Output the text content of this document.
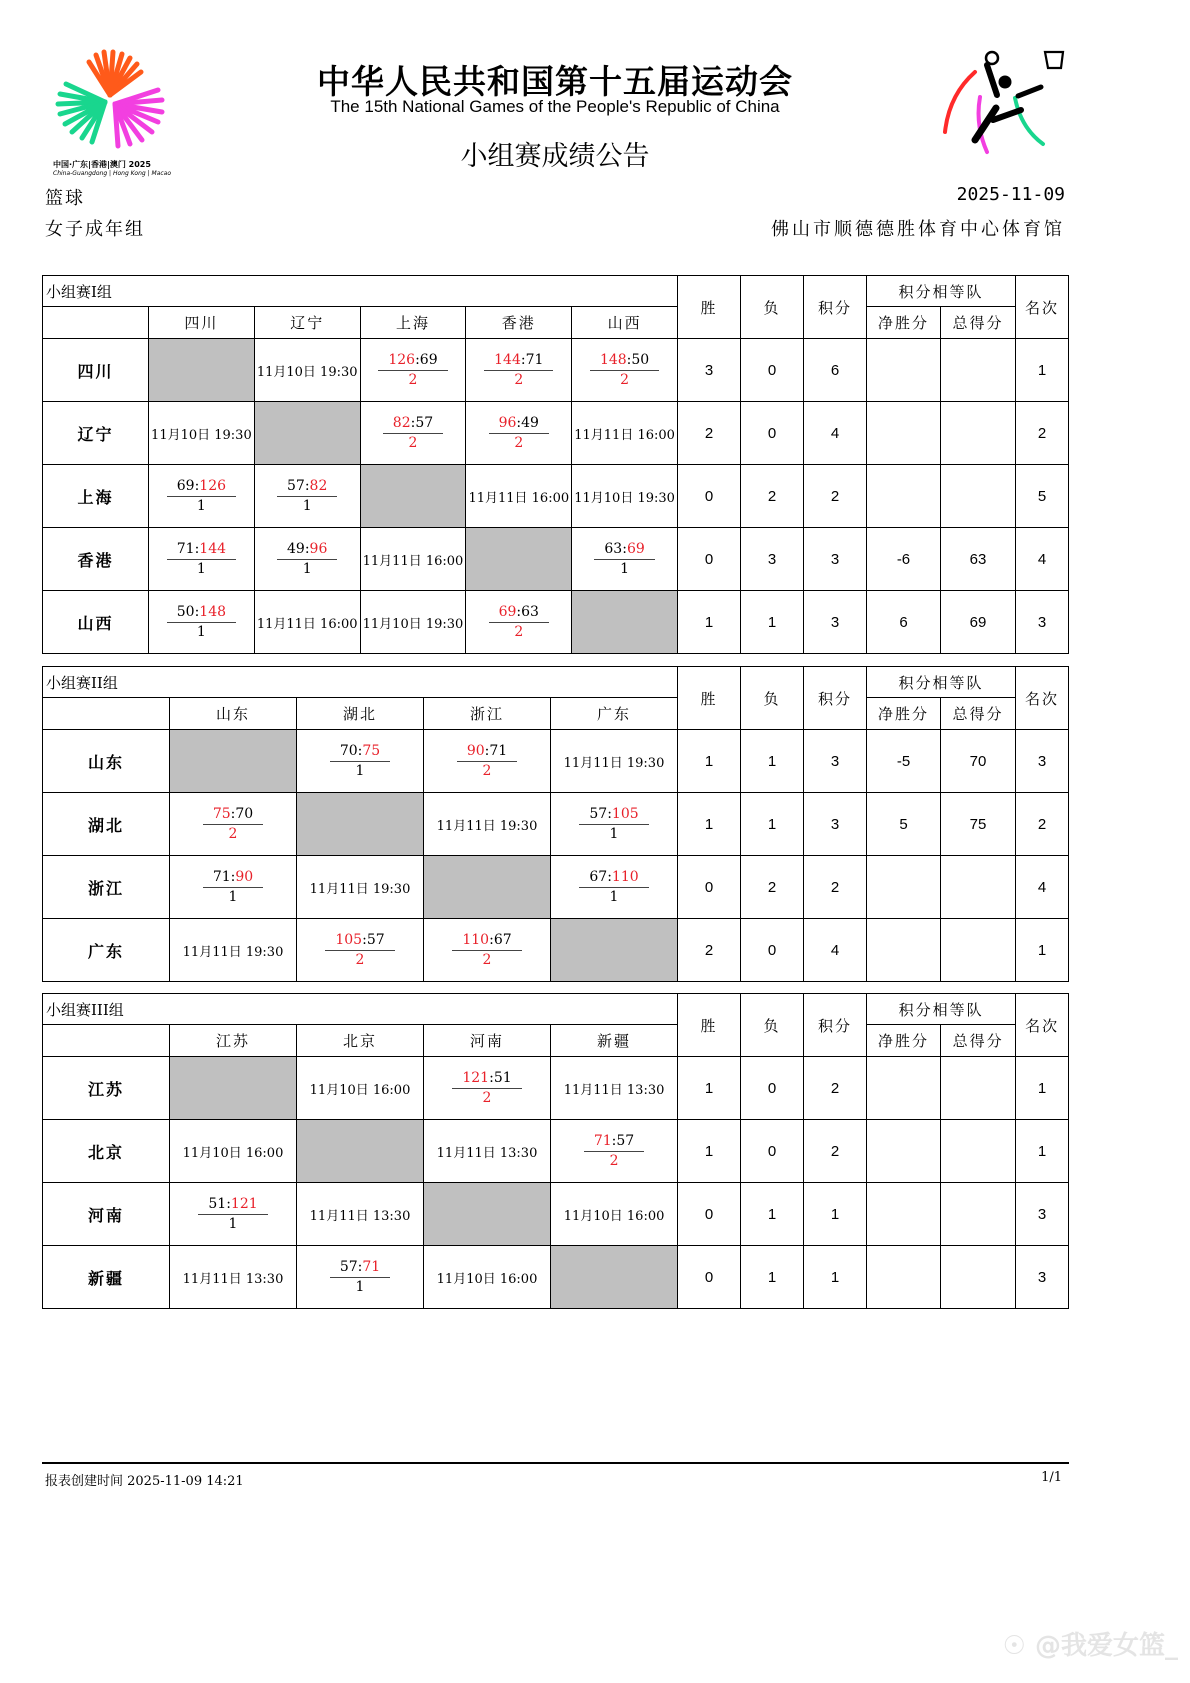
中国·广东|香港|澳门 2025
China-Guangdong | Hong Kong | Macao
中华人民共和国第十五届运动会
The 15th National Games of the People's Republic of China
小组赛成绩公告
篮球
女子成年组
2025-11-09
佛山市顺德德胜体育中心体育馆
小组赛I组						胜	负	积分	积分相等队		名次
	四川	辽宁	上海	香港	山西				净胜分	总得分	
四川		11月10日 19:30	$\frac{126:69}{2}$	$\frac{144:71}{2}$	$\frac{148:50}{2}$	3	0	6			1
辽宁	11月10日 19:30		$\frac{82:57}{2}$	$\frac{96:49}{2}$	11月11日 16:00	2	0	4			2
上海	$\frac{69:126}{1}$	$\frac{57:82}{1}$		11月11日 16:00	11月10日 19:30	0	2	2			5
香港	$\frac{71:144}{1}$	$\frac{49:96}{1}$	11月11日 16:00		$\frac{63:69}{1}$	0	3	3	-6	63	4
山西	$\frac{50:148}{1}$	11月11日 16:00	11月10日 19:30	$\frac{69:63}{2}$		1	1	3	6	69	3
小组赛II组					胜	负	积分	积分相等队		名次
	山东	湖北	浙江	广东				净胜分	总得分	
山东		$\frac{70:75}{1}$	$\frac{90:71}{2}$	11月11日 19:30	1	1	3	-5	70	3
湖北	$\frac{75:70}{2}$		11月11日 19:30	$\frac{57:105}{1}$	1	1	3	5	75	2
浙江	$\frac{71:90}{1}$	11月11日 19:30		$\frac{67:110}{1}$	0	2	2			4
广东	11月11日 19:30	$\frac{105:57}{2}$	$\frac{110:67}{2}$		2	0	4			1
小组赛III组					胜	负	积分	积分相等队		名次
	江苏	北京	河南	新疆				净胜分	总得分	
江苏		11月10日 16:00	$\frac{121:51}{2}$	11月11日 13:30	1	0	2			1
北京	11月10日 16:00		11月11日 13:30	$\frac{71:57}{2}$	1	0	2			1
河南	$\frac{51:121}{1}$	11月11日 13:30		11月10日 16:00	0	1	1			3
新疆	11月11日 13:30	$\frac{57:71}{1}$	11月10日 16:00		0	1	1			3
报表创建时间 2025-11-09 14:21	1/1
☉ @我爱女篮_
